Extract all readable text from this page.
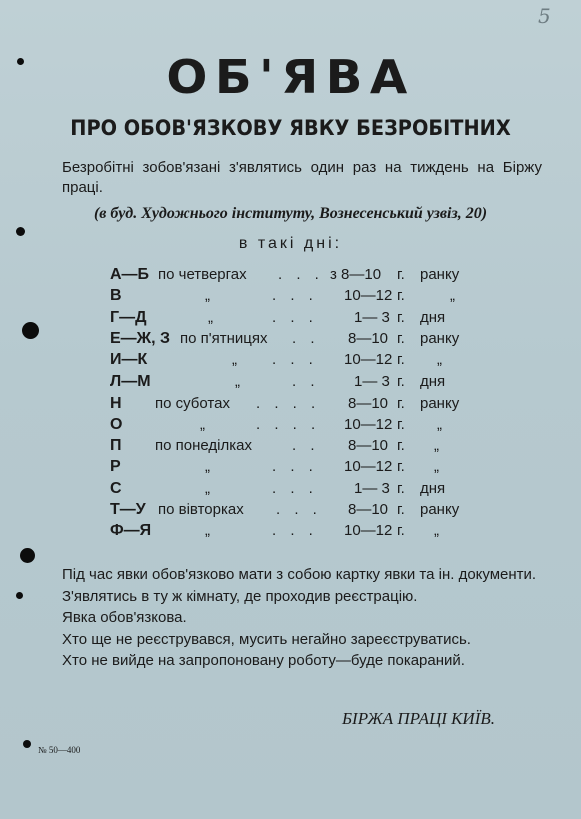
5
ОБ'ЯВА
ПРО ОБОВ'ЯЗКОВУ ЯВКУ БЕЗРОБІТНИХ
Безробітні зобов'язані з'являтись один раз на тиждень на Біржу праці.
(в буд. Художнього інституту, Вознесенський узвіз, 20)
в такі дні:
А—Б по четвергах . . . з 8—10 г. ранку
В	„	. . . 10—12 г.	„
Г—Д	„	. . . 1— 3 г. дня
Е—Ж, З по п'ятницях . . 8—10 г. ранку
И—К	„ . . . 10—12 г. „
Л—М	„	. . 1— 3 г. дня
Н по суботах . . . . 8—10 г. ранку
О	„	. . . . 10—12 г. „
П по понеділках	. . 8—10 г. „
Р	„	. . . 10—12 г. „
С	„	. . . 1— 3 г. дня
Т—У по вівторках . . . 8—10 г. ранку
Ф—Я	„	. . . 10—12 г. „

Під час явки обов'язково мати з собою картку явки та ін. документи.

З'являтись в ту ж кімнату, де проходив реєстрацію.

Явка обов'язкова.

Хто ще не реєструвався, мусить негайно зареєструватись.

Хто не вийде на запропоновану роботу—буде покараний.

БІРЖА ПРАЦІ КИЇВ.
№ 50—400
